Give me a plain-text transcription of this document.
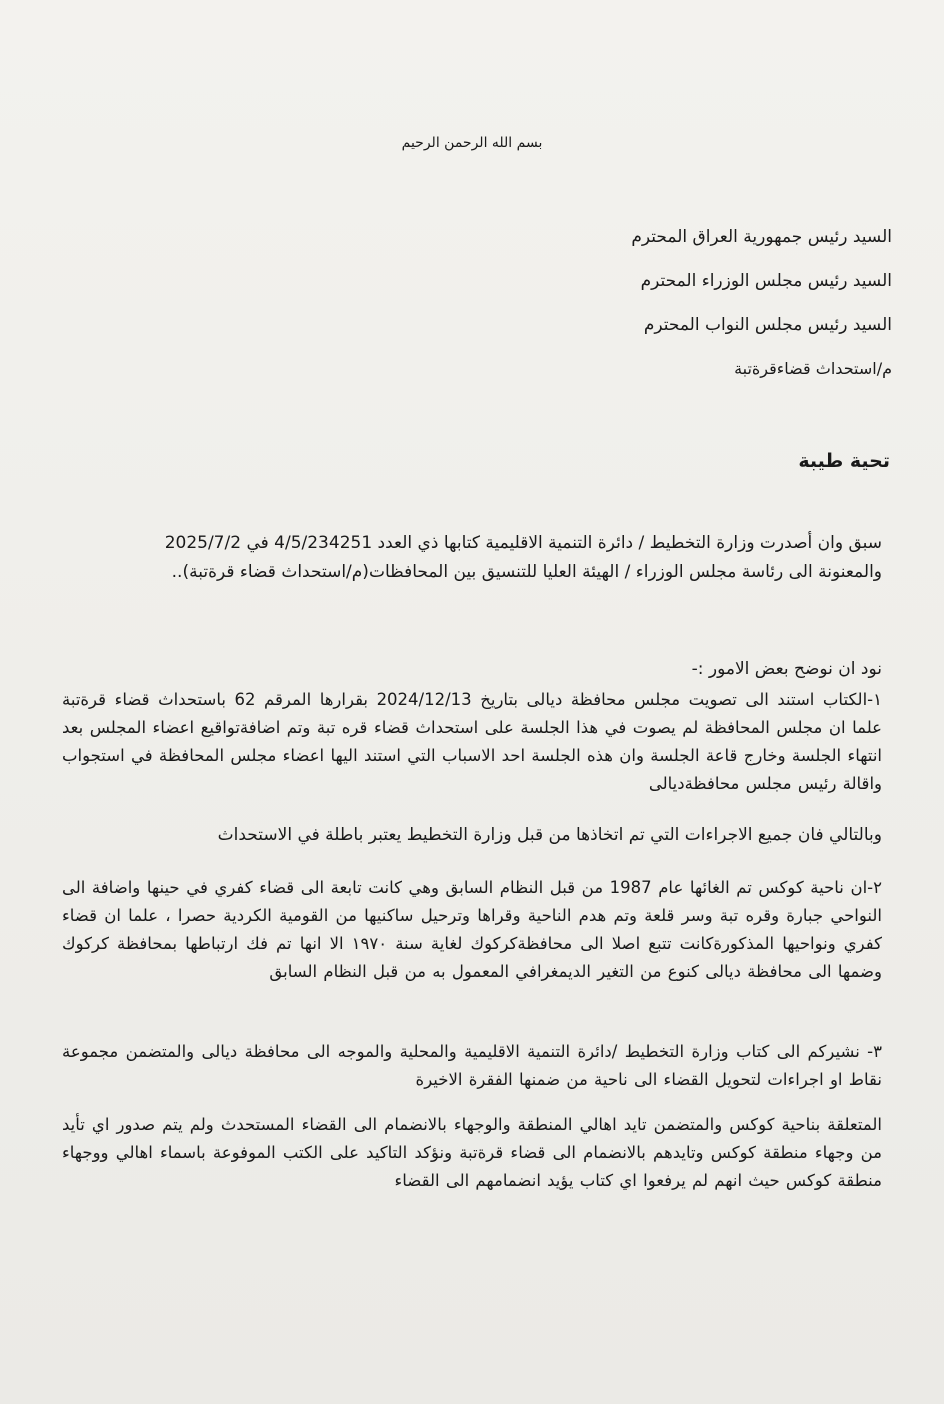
بسم الله الرحمن الرحيم
السيد رئيس جمهورية العراق المحترم
السيد رئيس مجلس الوزراء المحترم
السيد رئيس مجلس النواب المحترم
م/استحداث قضاءقرةتبة
تحية طيبة
سبق وان أصدرت وزارة التخطيط / دائرة التنمية الاقليمية كتابها ذي العدد 4/5/234251 في 2025/7/2
والمعنونة الى رئاسة مجلس الوزراء / الهيئة العليا للتنسيق بين المحافظات(م/استحداث قضاء قرةتبة)..
نود ان نوضح بعض الامور :-
١-الكتاب استند الى تصويت مجلس محافظة ديالى بتاريخ 2024/12/13 بقرارها المرقم 62 باستحداث قضاء قرةتبة علما ان مجلس المحافظة لم يصوت في هذا الجلسة على استحداث قضاء قره تبة وتم اضافةتواقيع اعضاء المجلس بعد انتهاء الجلسة وخارج قاعة الجلسة وان هذه الجلسة احد الاسباب التي استند اليها اعضاء مجلس المحافظة في استجواب واقالة رئيس مجلس محافظةديالى
وبالتالي فان جميع الاجراءات التي تم اتخاذها من قبل وزارة التخطيط يعتبر باطلة في الاستحداث
٢-ان ناحية كوكس تم الغائها عام 1987 من قبل النظام السابق وهي كانت تابعة الى قضاء كفري في حينها واضافة الى النواحي جبارة وقره تبة وسر قلعة وتم هدم الناحية وقراها وترحيل ساكنيها من القومية الكردية حصرا ، علما ان قضاء كفري ونواحيها المذكورةكانت تتبع اصلا الى محافظةكركوك لغاية سنة ١٩٧٠ الا انها تم فك ارتباطها بمحافظة كركوك وضمها الى محافظة ديالى كنوع من التغير الديمغرافي المعمول به من قبل النظام السابق
٣- نشيركم الى كتاب وزارة التخطيط /دائرة التنمية الاقليمية والمحلية والموجه الى محافظة ديالى والمتضمن مجموعة نقاط او اجراءات لتحويل القضاء الى ناحية من ضمنها الفقرة الاخيرة
المتعلقة بناحية كوكس والمتضمن تايد اهالي المنطقة والوجهاء بالانضمام الى القضاء المستحدث ولم يتم صدور اي تأيد من وجهاء منطقة كوكس وتايدهم بالانضمام الى قضاء قرةتبة ونؤكد التاكيد على الكتب الموفوعة باسماء اهالي ووجهاء منطقة كوكس حيث انهم لم يرفعوا اي كتاب يؤيد انضمامهم الى القضاء
